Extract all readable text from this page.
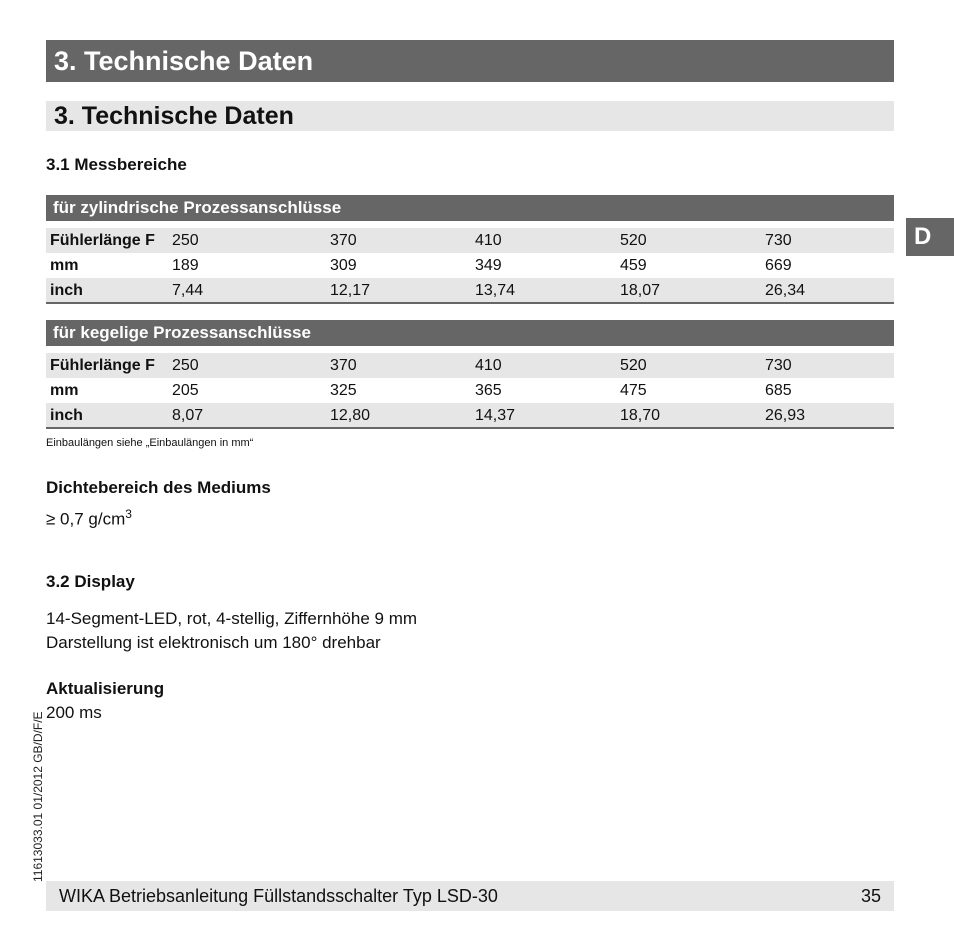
3. Technische Daten
3. Technische Daten
D
3.1 Messbereiche
für zylindrische Prozessanschlüsse
Fühlerlänge F 250	370	410	520	730
mm	189	309	349	459	669
inch	7,44	12,17	13,74	18,07	26,34
für kegelige Prozessanschlüsse
Fühlerlänge F 250	370	410	520	730
mm	205	325	365	475	685
inch	8,07	12,80	14,37	18,70	26,93
Einbaulängen siehe „Einbaulängen in mm“
Dichtebereich des Mediums
≥ 0,7 $g/cm^3$
3.2 Display
14-Segment-LED, rot, 4-stellig, Ziffernhöhe 9 mm
Darstellung ist elektronisch um 180° drehbar
Aktualisierung
200 ms
11613033.01 01/2012 GB/D/F/E
WIKA Betriebsanleitung Füllstandsschalter Typ LSD-30	35
